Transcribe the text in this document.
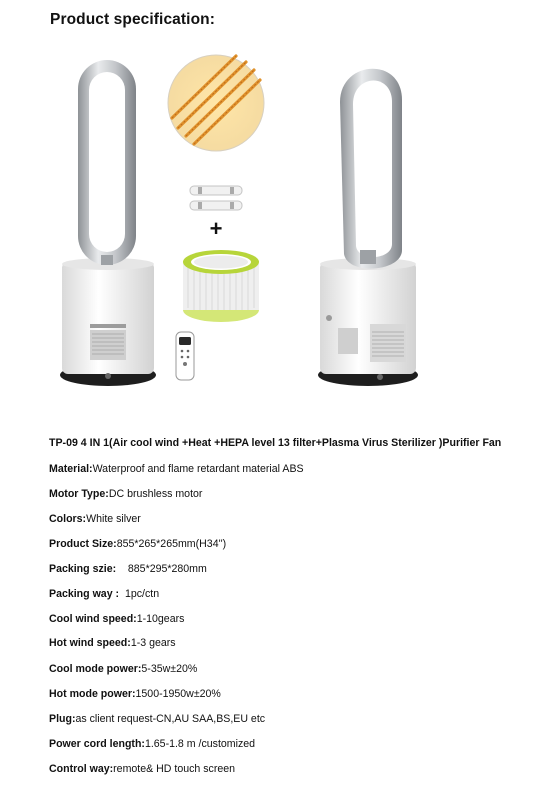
Product specification:
+
TP-09 4 IN 1(Air cool wind +Heat +HEPA level 13 filter+Plasma Virus Sterilizer )Purifier Fan
Material:Waterproof and flame retardant material ABS
Motor Type:DC brushless motor
Colors:White silver
Product Size:855*265*265mm(H34'')
Packing szie:    885*295*280mm
Packing way :  1pc/ctn
Cool wind speed:1-10gears
Hot wind speed:1-3 gears
Cool mode power:5-35w±20%
Hot mode power:1500-1950w±20%
Plug:as client request-CN,AU SAA,BS,EU etc
Power cord length:1.65-1.8 m /customized
Control way:remote& HD touch screen
